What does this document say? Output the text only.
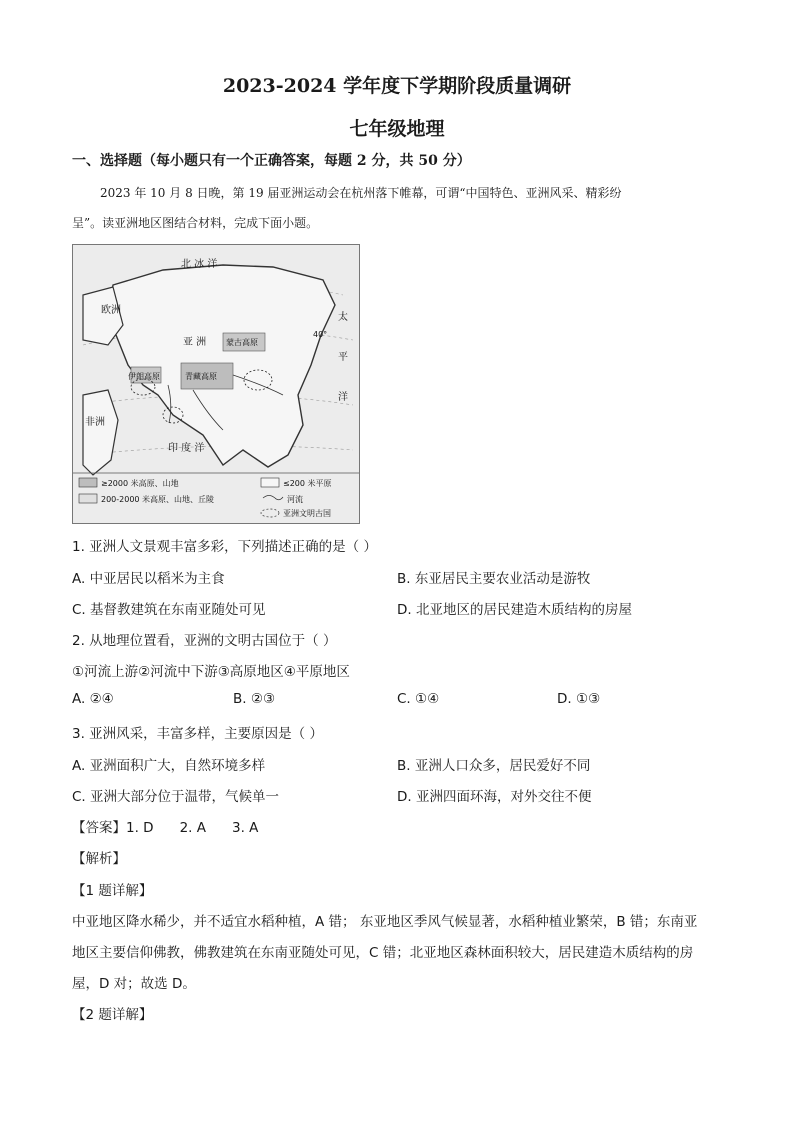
2023-2024 学年度下学期阶段质量调研
七年级地理
一、选择题（每小题只有一个正确答案，每题 2 分，共 50 分）
2023 年 10 月 8 日晚，第 19 届亚洲运动会在杭州落下帷幕，可谓“中国特色、亚洲风采、精彩纷
呈”。读亚洲地区图结合材料，完成下面小题。
北 冰 洋
欧洲
亚 洲
非洲
印 度 洋
太
平
洋
蒙古高原
伊朗高原	青藏高原
40°
≥2000 米高原、山地
200-2000 米高原、山地、丘陵
≤200 米平原
河流
亚洲文明古国
1. 亚洲人文景观丰富多彩，下列描述正确的是（ ）
A. 中亚居民以稻米为主食	B. 东亚居民主要农业活动是游牧
C. 基督教建筑在东南亚随处可见	D. 北亚地区的居民建造木质结构的房屋
2. 从地理位置看，亚洲的文明古国位于（ ）
①河流上游②河流中下游③高原地区④平原地区
A. ②④	B. ②③	C. ①④	D. ①③
3. 亚洲风采，丰富多样，主要原因是（ ）
A. 亚洲面积广大，自然环境多样	B. 亚洲人口众多，居民爱好不同
C. 亚洲大部分位于温带，气候单一	D. 亚洲四面环海，对外交往不便
【答案】1. D 2. A 3. A
【解析】
【1 题详解】
中亚地区降水稀少，并不适宜水稻种植，A 错； 东亚地区季风气候显著，水稻种植业繁荣，B 错；东南亚
地区主要信仰佛教，佛教建筑在东南亚随处可见，C 错；北亚地区森林面积较大，居民建造木质结构的房
屋，D 对；故选 D。
【2 题详解】
